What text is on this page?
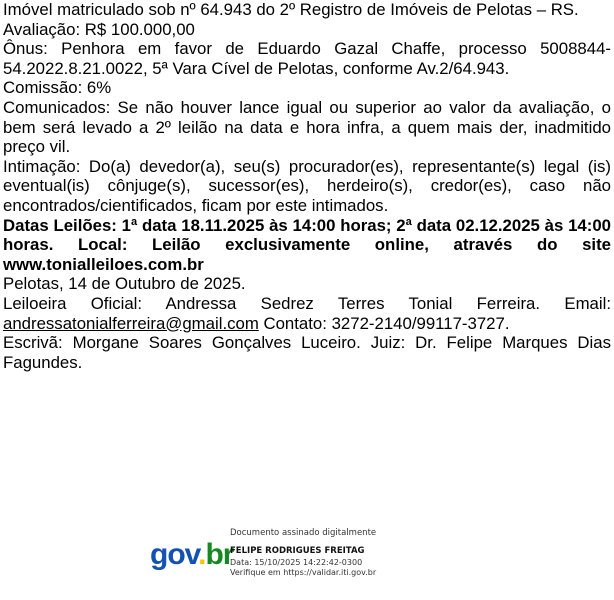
Imóvel matriculado sob nº 64.943 do 2º Registro de Imóveis de Pelotas – RS.

Avaliação: R$ 100.000,00

Ônus: Penhora em favor de Eduardo Gazal Chaffe, processo 5008844-54.2022.8.21.0022, 5ª Vara Cível de Pelotas, conforme Av.2/64.943.

Comissão: 6%

Comunicados: Se não houver lance igual ou superior ao valor da avaliação, o bem será levado a 2º leilão na data e hora infra, a quem mais der, inadmitido preço vil.

Intimação: Do(a) devedor(a), seu(s) procurador(es), representante(s) legal (is) eventual(is) cônjuge(s), sucessor(es), herdeiro(s), credor(es), caso não encontrados/cientificados, ficam por este intimados.

Datas Leilões: 1ª data 18.11.2025 às 14:00 horas; 2ª data 02.12.2025 às 14:00 horas. Local: Leilão exclusivamente online, através do site www.tonialleiloes.com.br

Pelotas, 14 de Outubro de 2025.

Leiloeira Oficial: Andressa Sedrez Terres Tonial Ferreira. Email: andressatonialferreira@gmail.com Contato: 3272-2140/99117-3727.

Escrivã: Morgane Soares Gonçalves Luceiro. Juiz: Dr. Felipe Marques Dias Fagundes.

gov.br
Documento assinado digitalmente
FELIPE RODRIGUES FREITAG
Data: 15/10/2025 14:22:42-0300
Verifique em https://validar.iti.gov.br
